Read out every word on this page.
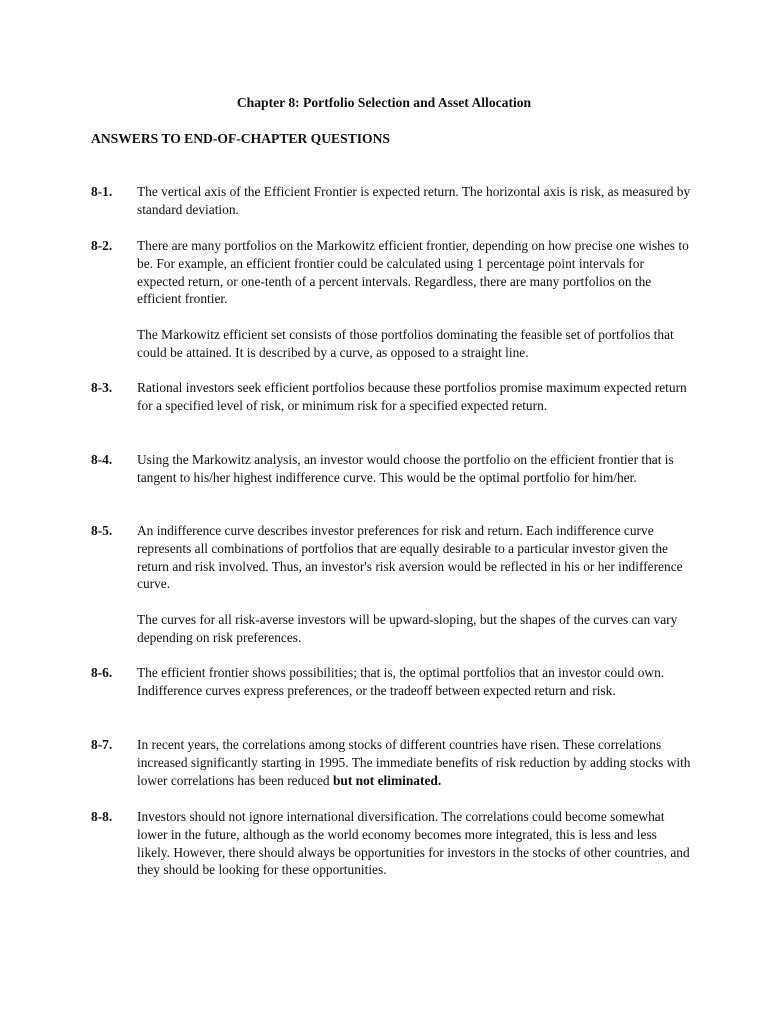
Chapter 8: Portfolio Selection and Asset Allocation
ANSWERS TO END-OF-CHAPTER QUESTIONS
8-1. The vertical axis of the Efficient Frontier is expected return. The horizontal axis is risk, as measured by standard deviation.

8-2. There are many portfolios on the Markowitz efficient frontier, depending on how precise one wishes to be. For example, an efficient frontier could be calculated using 1 percentage point intervals for expected return, or one-tenth of a percent intervals. Regardless, there are many portfolios on the efficient frontier.

The Markowitz efficient set consists of those portfolios dominating the feasible set of portfolios that could be attained. It is described by a curve, as opposed to a straight line.

8-3. Rational investors seek efficient portfolios because these portfolios promise maximum expected return for a specified level of risk, or minimum risk for a specified expected return.

8-4. Using the Markowitz analysis, an investor would choose the portfolio on the efficient frontier that is tangent to his/her highest indifference curve. This would be the optimal portfolio for him/her.

8-5. An indifference curve describes investor preferences for risk and return. Each indifference curve represents all combinations of portfolios that are equally desirable to a particular investor given the return and risk involved. Thus, an investor's risk aversion would be reflected in his or her indifference curve.

The curves for all risk-averse investors will be upward-sloping, but the shapes of the curves can vary depending on risk preferences.

8-6. The efficient frontier shows possibilities; that is, the optimal portfolios that an investor could own. Indifference curves express preferences, or the tradeoff between expected return and risk.

8-7. In recent years, the correlations among stocks of different countries have risen. These correlations increased significantly starting in 1995. The immediate benefits of risk reduction by adding stocks with lower correlations has been reduced but not eliminated.

8-8. Investors should not ignore international diversification. The correlations could become somewhat lower in the future, although as the world economy becomes more integrated, this is less and less likely. However, there should always be opportunities for investors in the stocks of other countries, and they should be looking for these opportunities.
